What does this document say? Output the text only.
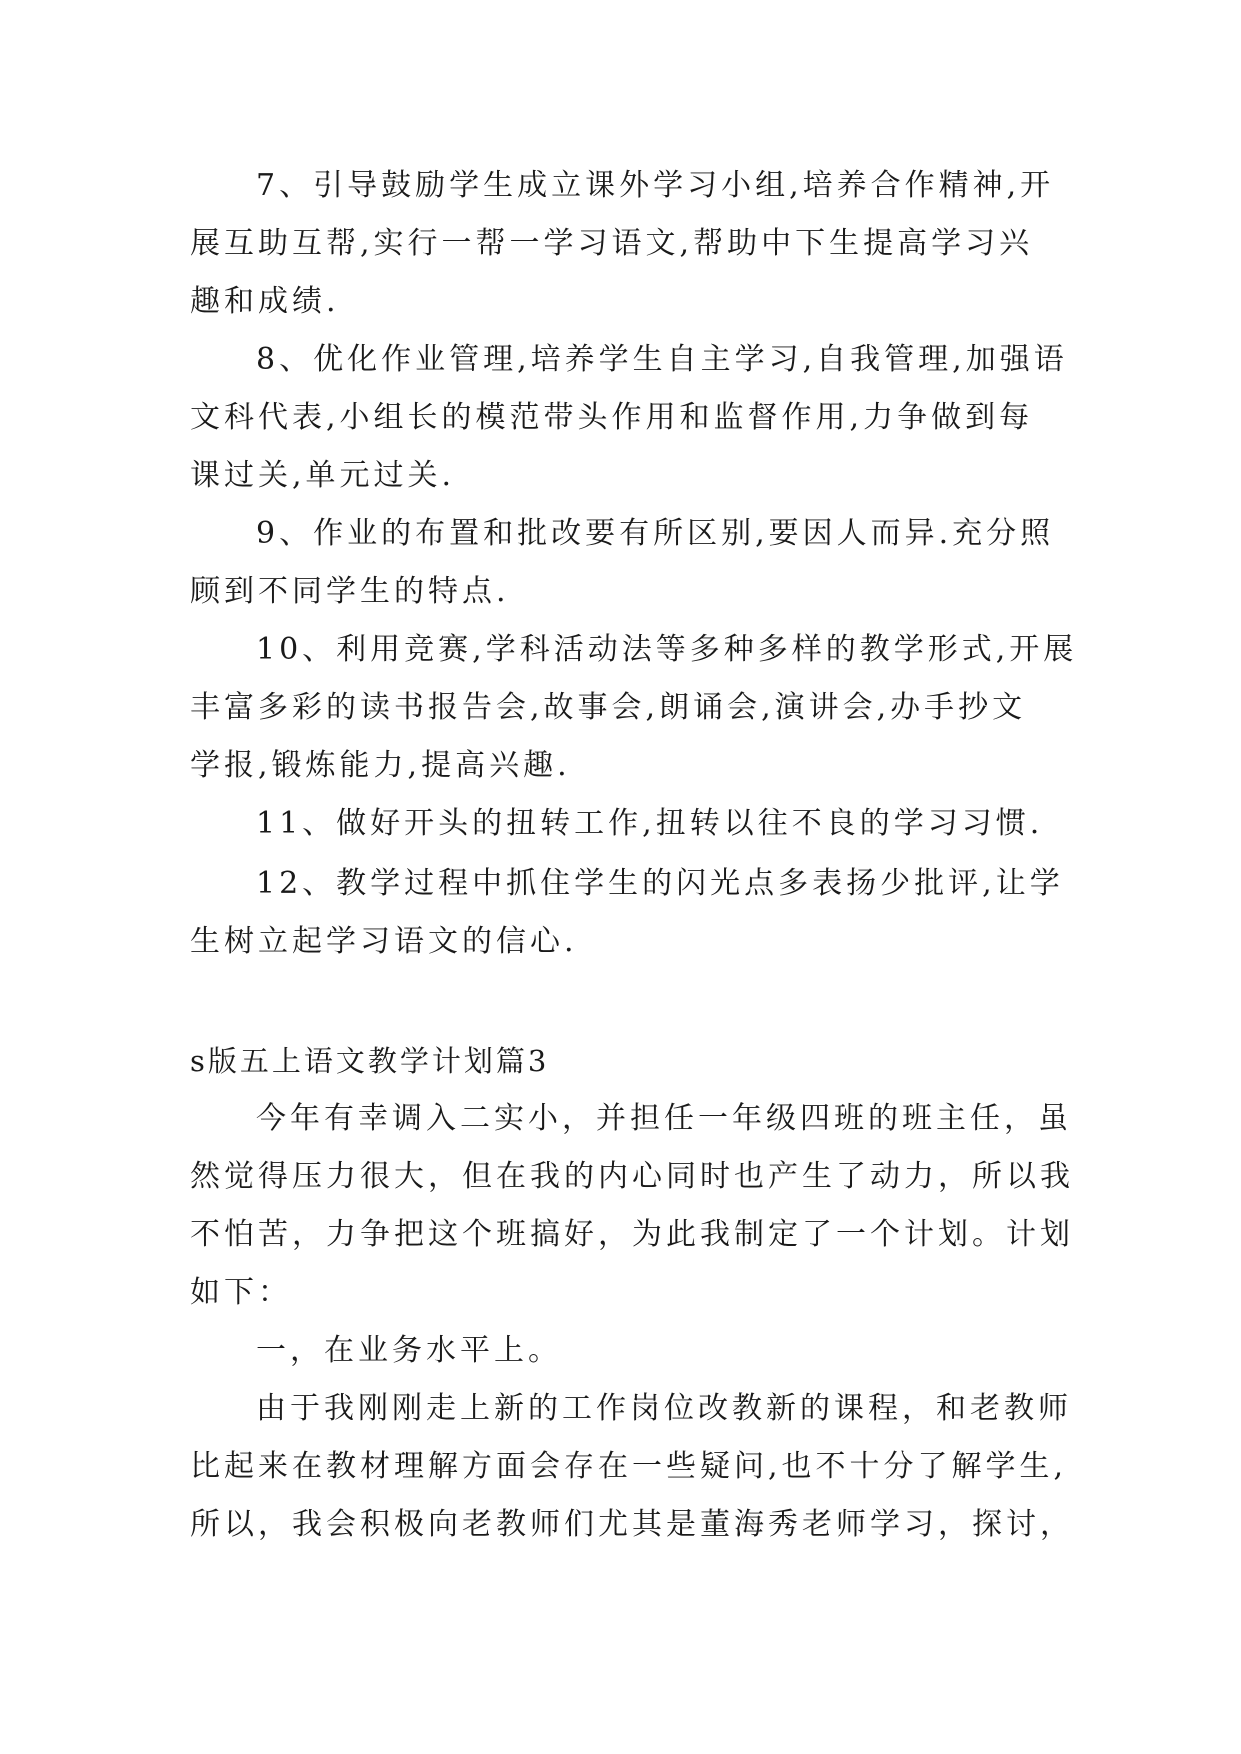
7、引导鼓励学生成立课外学习小组,培养合作精神,开
展互助互帮,实行一帮一学习语文,帮助中下生提高学习兴
趣和成绩.
8、优化作业管理,培养学生自主学习,自我管理,加强语
文科代表,小组长的模范带头作用和监督作用,力争做到每
课过关,单元过关.
9、作业的布置和批改要有所区别,要因人而异.充分照
顾到不同学生的特点.
10、利用竞赛,学科活动法等多种多样的教学形式,开展
丰富多彩的读书报告会,故事会,朗诵会,演讲会,办手抄文
学报,锻炼能力,提高兴趣.
11、做好开头的扭转工作,扭转以往不良的学习习惯.
12、教学过程中抓住学生的闪光点多表扬少批评,让学
生树立起学习语文的信心.
s版五上语文教学计划篇3
今年有幸调入二实小，并担任一年级四班的班主任，虽
然觉得压力很大，但在我的内心同时也产生了动力，所以我
不怕苦，力争把这个班搞好，为此我制定了一个计划。计划
如下：
一，在业务水平上。
由于我刚刚走上新的工作岗位改教新的课程，和老教师
比起来在教材理解方面会存在一些疑问,也不十分了解学生,
所以，我会积极向老教师们尤其是董海秀老师学习，探讨，
